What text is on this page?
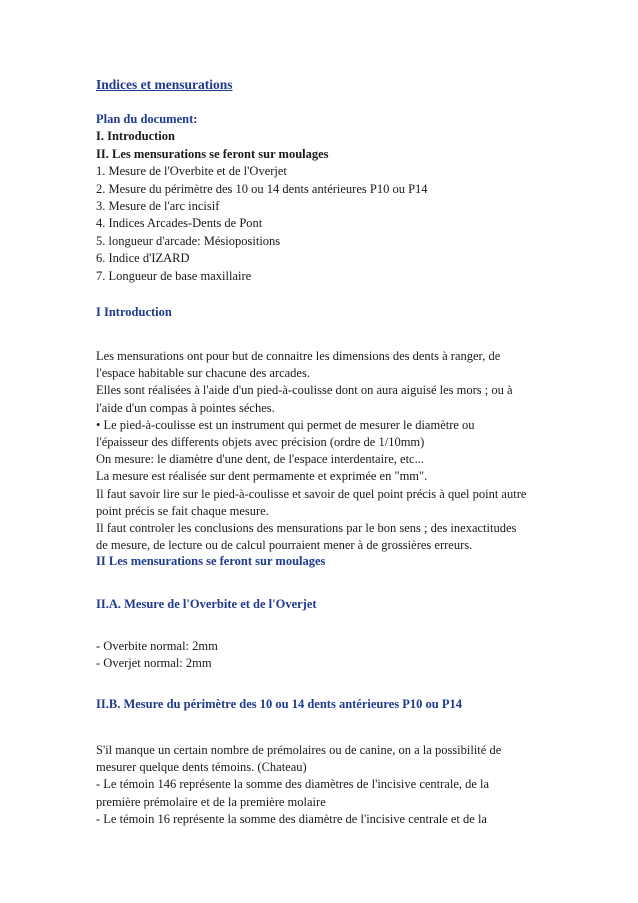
Indices et mensurations
Plan du document:
I. Introduction
II. Les mensurations se feront sur moulages
1. Mesure de l'Overbite et de l'Overjet
2. Mesure du périmètre des 10 ou 14 dents antérieures P10 ou P14
3. Mesure de l'arc incisif
4. Indices Arcades-Dents de Pont
5. longueur d'arcade: Mésiopositions
6. Indice d'IZARD
7. Longueur de base maxillaire
I Introduction
Les mensurations ont pour but de connaitre les dimensions des dents à ranger, de
l'espace habitable sur chacune des arcades.
Elles sont réalisées à l'aide d'un pied-à-coulisse dont on aura aiguisé les mors ; ou à
l'aide d'un compas à pointes séches.
• Le pied-à-coulisse est un instrument qui permet de mesurer le diamètre ou
l'épaisseur des differents objets avec précision (ordre de 1/10mm)
On mesure: le diamètre d'une dent, de l'espace interdentaire, etc...
La mesure est réalisée sur dent permamente et exprimée en "mm".
Il faut savoir lire sur le pied-à-coulisse et savoir de quel point précis à quel point autre
point précis se fait chaque mesure.
Il faut controler les conclusions des mensurations par le bon sens ; des inexactitudes
de mesure, de lecture ou de calcul pourraient mener à de grossières erreurs.
II Les mensurations se feront sur moulages
II.A. Mesure de l'Overbite et de l'Overjet
- Overbite normal: 2mm
- Overjet normal: 2mm
II.B. Mesure du périmètre des 10 ou 14 dents antérieures P10 ou P14
S'il manque un certain nombre de prémolaires ou de canine, on a la possibilité de
mesurer quelque dents témoins. (Chateau)
- Le témoin 146 représente la somme des diamètres de l'incisive centrale, de la
première prémolaire et de la première molaire
- Le témoin 16 représente la somme des diamètre de l'incisive centrale et de la
